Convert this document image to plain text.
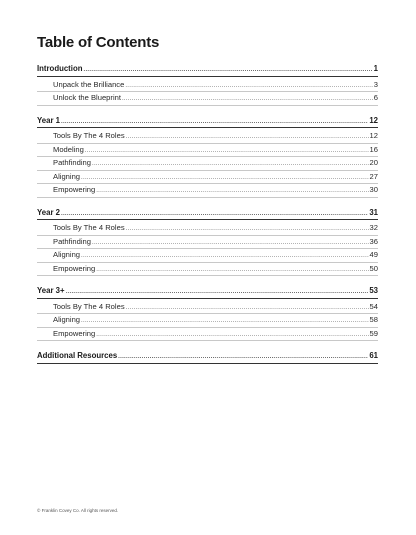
Table of Contents
Introduction .....	1
Unpack the Brilliance .....	3
Unlock the Blueprint .....	6
Year 1 .....	12
Tools By The 4 Roles .....	12
Modeling .....	16
Pathfinding .....	20
Aligning .....	27
Empowering .....	30
Year 2 .....	31
Tools By The 4 Roles .....	32
Pathfinding .....	36
Aligning .....	49
Empowering .....	50
Year 3+ .....	53
Tools By The 4 Roles .....	54
Aligning .....	58
Empowering .....	59
Additional Resources .....	61
© Franklin Covey Co. All rights reserved.
